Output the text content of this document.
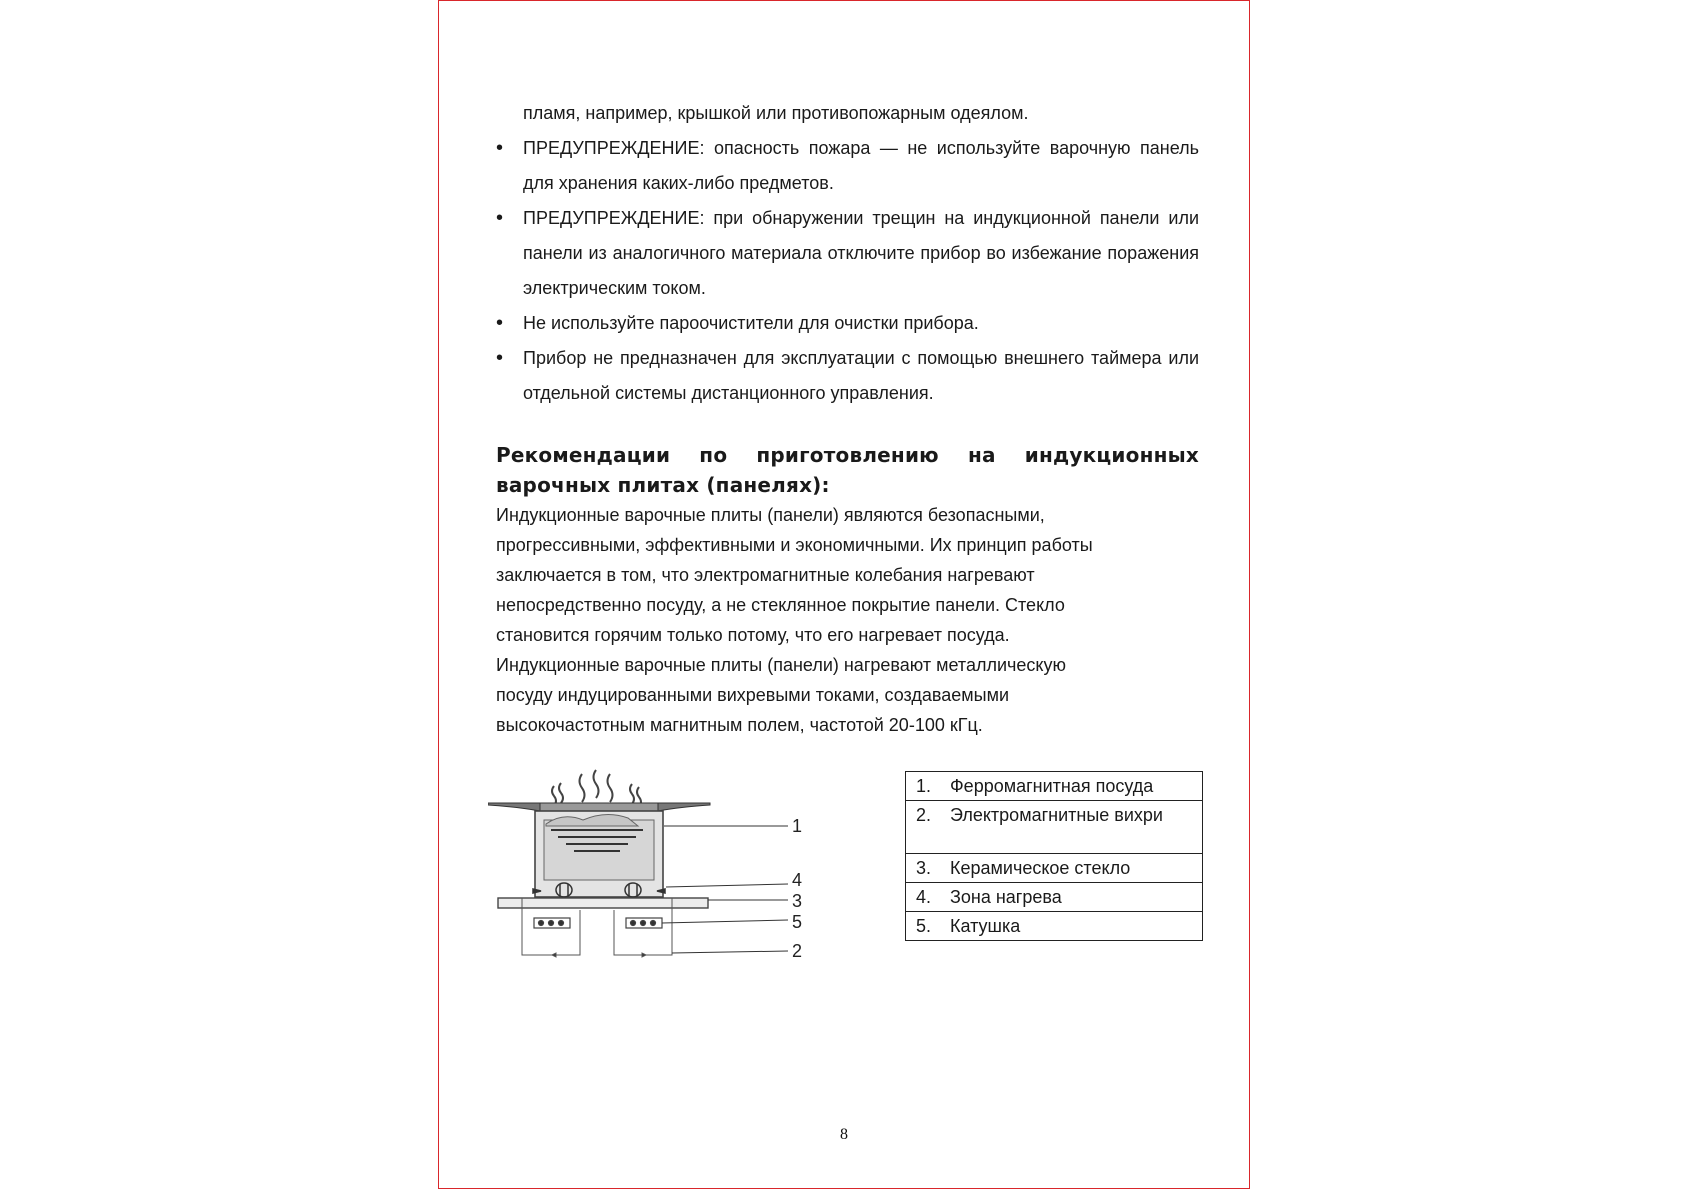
пламя, например, крышкой или противопожарным одеялом.
• ПРЕДУПРЕЖДЕНИЕ: опасность пожара — не используйте варочную панель для хранения каких-либо предметов.
• ПРЕДУПРЕЖДЕНИЕ: при обнаружении трещин на индукционной панели или панели из аналогичного материала отключите прибор во избежание поражения электрическим током.
• Не используйте пароочистители для очистки прибора.
• Прибор не предназначен для эксплуатации с помощью внешнего таймера или отдельной системы дистанционного управления.
Рекомендации по приготовлению на индукционных варочных плитах (панелях):
Индукционные варочные плиты (панели) являются безопасными,
прогрессивными, эффективными и экономичными. Их принцип работы
заключается в том, что электромагнитные колебания нагревают
непосредственно посуду, а не стеклянное покрытие панели. Стекло
становится горячим только потому, что его нагревает посуда.
Индукционные варочные плиты (панели) нагревают металлическую
посуду индуцированными вихревыми токами, создаваемыми
высокочастотным магнитным полем, частотой 20-100 кГц.
1
4
3
5
2
1. Ферромагнитная посуда
2. Электромагнитные вихри
3. Керамическое стекло
4. Зона нагрева
5. Катушка
8
